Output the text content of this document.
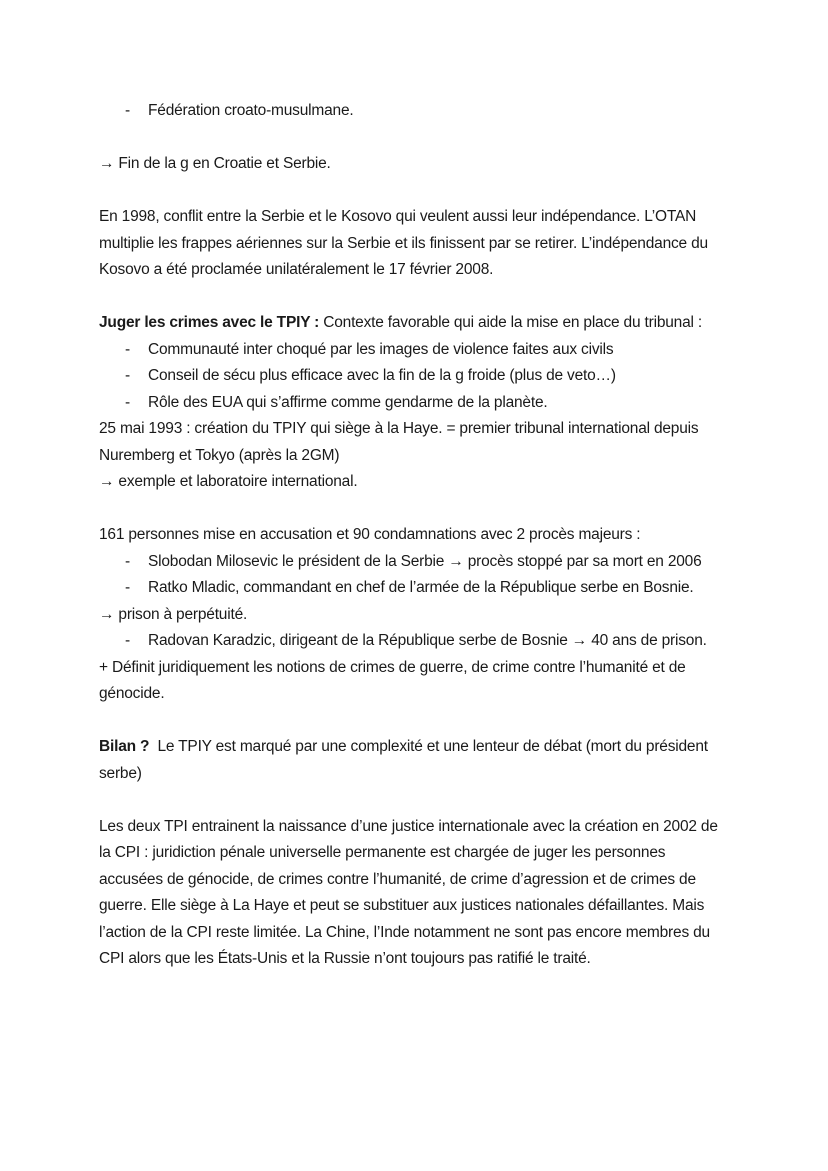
- Fédération croato-musulmane.
→ Fin de la g en Croatie et Serbie.
En 1998, conflit entre la Serbie et le Kosovo qui veulent aussi leur indépendance. L’OTAN
multiplie les frappes aériennes sur la Serbie et ils finissent par se retirer. L’indépendance du
Kosovo a été proclamée unilatéralement le 17 février 2008.
Juger les crimes avec le TPIY : Contexte favorable qui aide la mise en place du tribunal :
- Communauté inter choqué par les images de violence faites aux civils
- Conseil de sécu plus efficace avec la fin de la g froide (plus de veto…)
- Rôle des EUA qui s’affirme comme gendarme de la planète.
25 mai 1993 : création du TPIY qui siège à la Haye. = premier tribunal international depuis
Nuremberg et Tokyo (après la 2GM)
→ exemple et laboratoire international.
161 personnes mise en accusation et 90 condamnations avec 2 procès majeurs :
- Slobodan Milosevic le président de la Serbie → procès stoppé par sa mort en 2006
- Ratko Mladic, commandant en chef de l’armée de la République serbe en Bosnie.
→ prison à perpétuité.
- Radovan Karadzic, dirigeant de la République serbe de Bosnie → 40 ans de prison.
+ Définit juridiquement les notions de crimes de guerre, de crime contre l’humanité et de
génocide.
Bilan ?  Le TPIY est marqué par une complexité et une lenteur de débat (mort du président
serbe)
Les deux TPI entrainent la naissance d’une justice internationale avec la création en 2002 de
la CPI : juridiction pénale universelle permanente est chargée de juger les personnes
accusées de génocide, de crimes contre l’humanité, de crime d’agression et de crimes de
guerre. Elle siège à La Haye et peut se substituer aux justices nationales défaillantes. Mais
l’action de la CPI reste limitée. La Chine, l’Inde notamment ne sont pas encore membres du
CPI alors que les États-Unis et la Russie n’ont toujours pas ratifié le traité.
